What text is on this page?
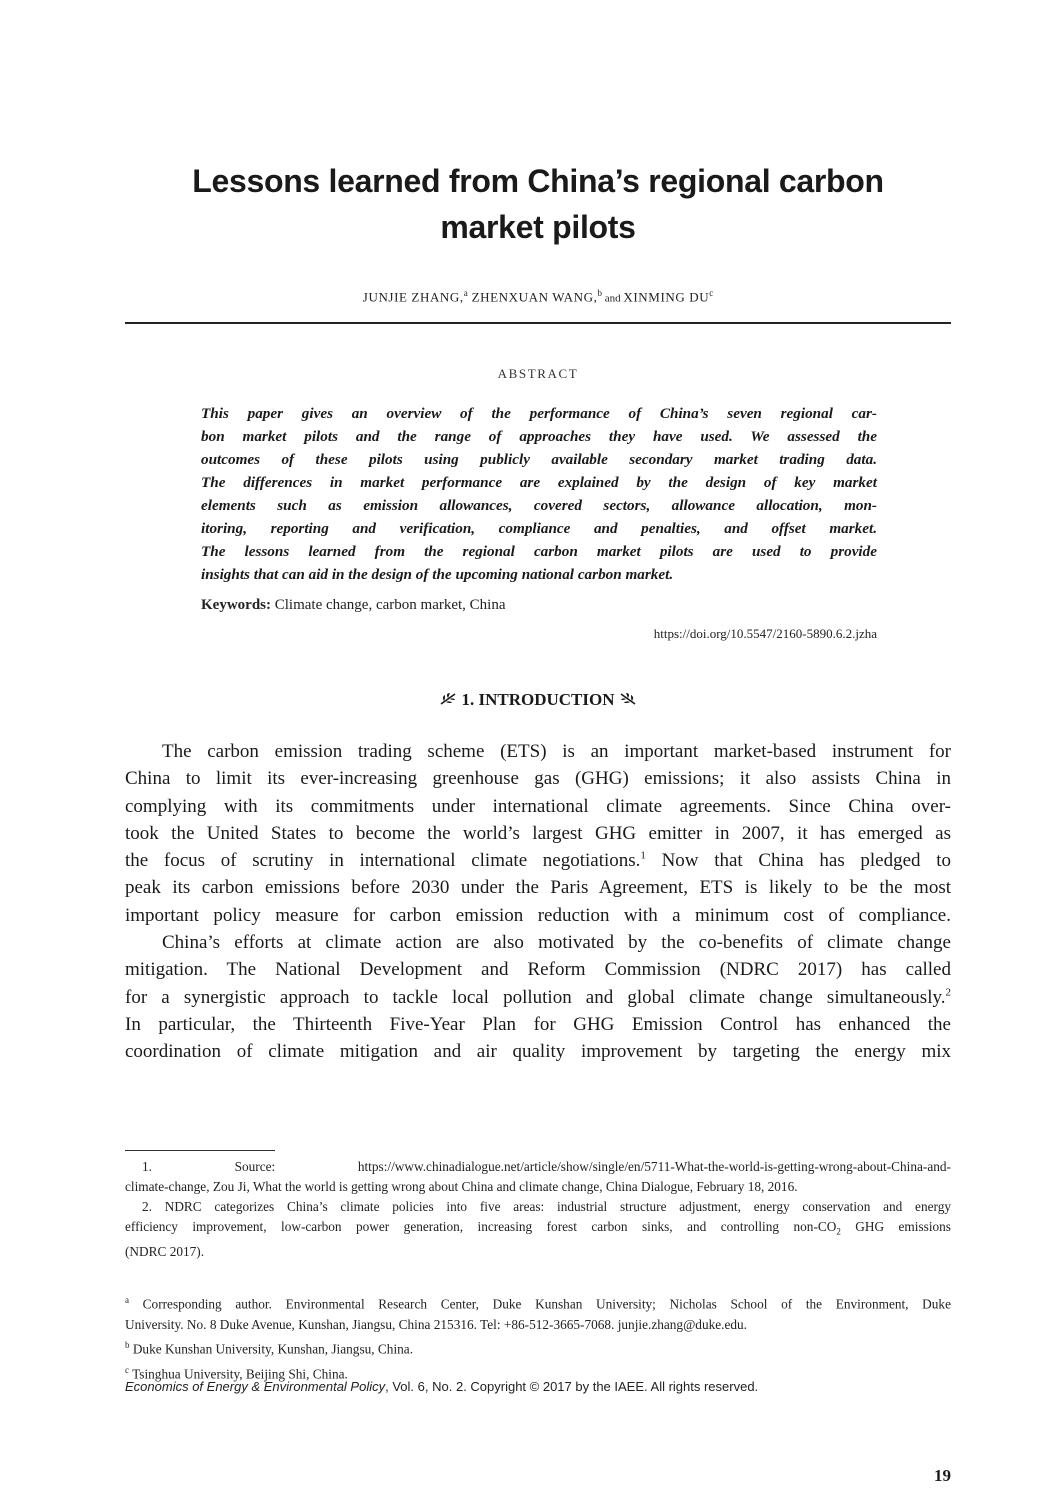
Lessons learned from China’s regional carbon
market pilots
JUNJIE ZHANG,$^a$ ZHENXUAN WANG,$^b$ and XINMING $DU^c$
ABSTRACT
This paper gives an overview of the performance of China’s seven regional car-
bon market pilots and the range of approaches they have used. We assessed the
outcomes of these pilots using publicly available secondary market trading data.
The differences in market performance are explained by the design of key market
elements such as emission allowances, covered sectors, allowance allocation, mon-
itoring, reporting and verification, compliance and penalties, and offset market.
The lessons learned from the regional carbon market pilots are used to provide
insights that can aid in the design of the upcoming national carbon market.
Keywords: Climate change, carbon market, China
https://doi.org/10.5547/2160-5890.6.2.jzha
1. INTRODUCTION
The carbon emission trading scheme (ETS) is an important market-based instrument for
China to limit its ever-increasing greenhouse gas (GHG) emissions; it also assists China in
complying with its commitments under international climate agreements. Since China over-
took the United States to become the world’s largest GHG emitter in 2007, it has emerged as
the focus of scrutiny in international climate negotiations.$^1$ Now that China has pledged to
peak its carbon emissions before 2030 under the Paris Agreement, ETS is likely to be the most
important policy measure for carbon emission reduction with a minimum cost of compliance.
China’s efforts at climate action are also motivated by the co-benefits of climate change
mitigation. The National Development and Reform Commission (NDRC 2017) has called
for a synergistic approach to tackle local pollution and global climate change simultaneously.$^2$
In particular, the Thirteenth Five-Year Plan for GHG Emission Control has enhanced the
coordination of climate mitigation and air quality improvement by targeting the energy mix
1. Source: https://www.chinadialogue.net/article/show/single/en/5711-What-the-world-is-getting-wrong-about-China-and-
climate-change, Zou Ji, What the world is getting wrong about China and climate change, China Dialogue, February 18, 2016.
2. NDRC categorizes China’s climate policies into five areas: industrial structure adjustment, energy conservation and energy
efficiency improvement, low-carbon power generation, increasing forest carbon sinks, and controlling non-$CO_2$ GHG emissions
(NDRC 2017).
$^a$ Corresponding author. Environmental Research Center, Duke Kunshan University; Nicholas School of the Environment, Duke
University. No. 8 Duke Avenue, Kunshan, Jiangsu, China 215316. Tel: +86-512-3665-7068. junjie.zhang@duke.edu.
$^b$ Duke Kunshan University, Kunshan, Jiangsu, China.
$^c$ Tsinghua University, Beijing Shi, China.
Economics of Energy & Environmental Policy, Vol. 6, No. 2. Copyright © 2017 by the IAEE. All rights reserved.
19
